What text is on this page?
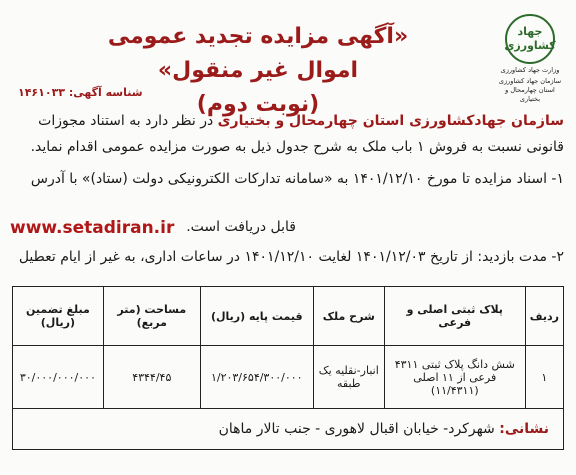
جهاد کشاورزی
وزارت جهاد کشاورزی
سازمان جهاد کشاورزی استان چهارمحال و بختیاری
«آگهی مزایده تجدید عمومی اموال غیر منقول»
(نوبت دوم)
شناسه آگهی: ۱۴۶۱۰۳۳
سازمان جهادکشاورزی استان چهارمحال و بختیاری در نظر دارد به استناد مجوزات قانونی نسبت به فروش ۱ باب ملک به شرح جدول ذیل به صورت مزایده عمومی اقدام نماید.
۱- اسناد مزایده تا مورخ ۱۴۰۱/۱۲/۱۰ به «سامانه تدارکات الکترونیکی دولت (ستاد)» با آدرس
www.setadiran.ir قابل دریافت است.
۲- مدت بازدید: از تاریخ ۱۴۰۱/۱۲/۰۳ لغایت ۱۴۰۱/۱۲/۱۰ در ساعات اداری، به غیر از ایام تعطیل
ردیف	پلاک ثبتی اصلی و فرعی	شرح ملک	قیمت پایه (ریال)	مساحت (متر مربع)	مبلغ تضمین (ریال)
۱	شش دانگ پلاک ثبتی ۴۳۱۱ فرعی از ۱۱ اصلی (۱۱/۴۳۱۱)	انبار-نقلیه یک طبقه	۱/۲۰۳/۶۵۴/۳۰۰/۰۰۰	۴۳۴۴/۴۵	۳۰/۰۰۰/۰۰۰/۰۰۰
نشانی: شهرکرد- خیابان اقبال لاهوری - جنب تالار ماهان					
